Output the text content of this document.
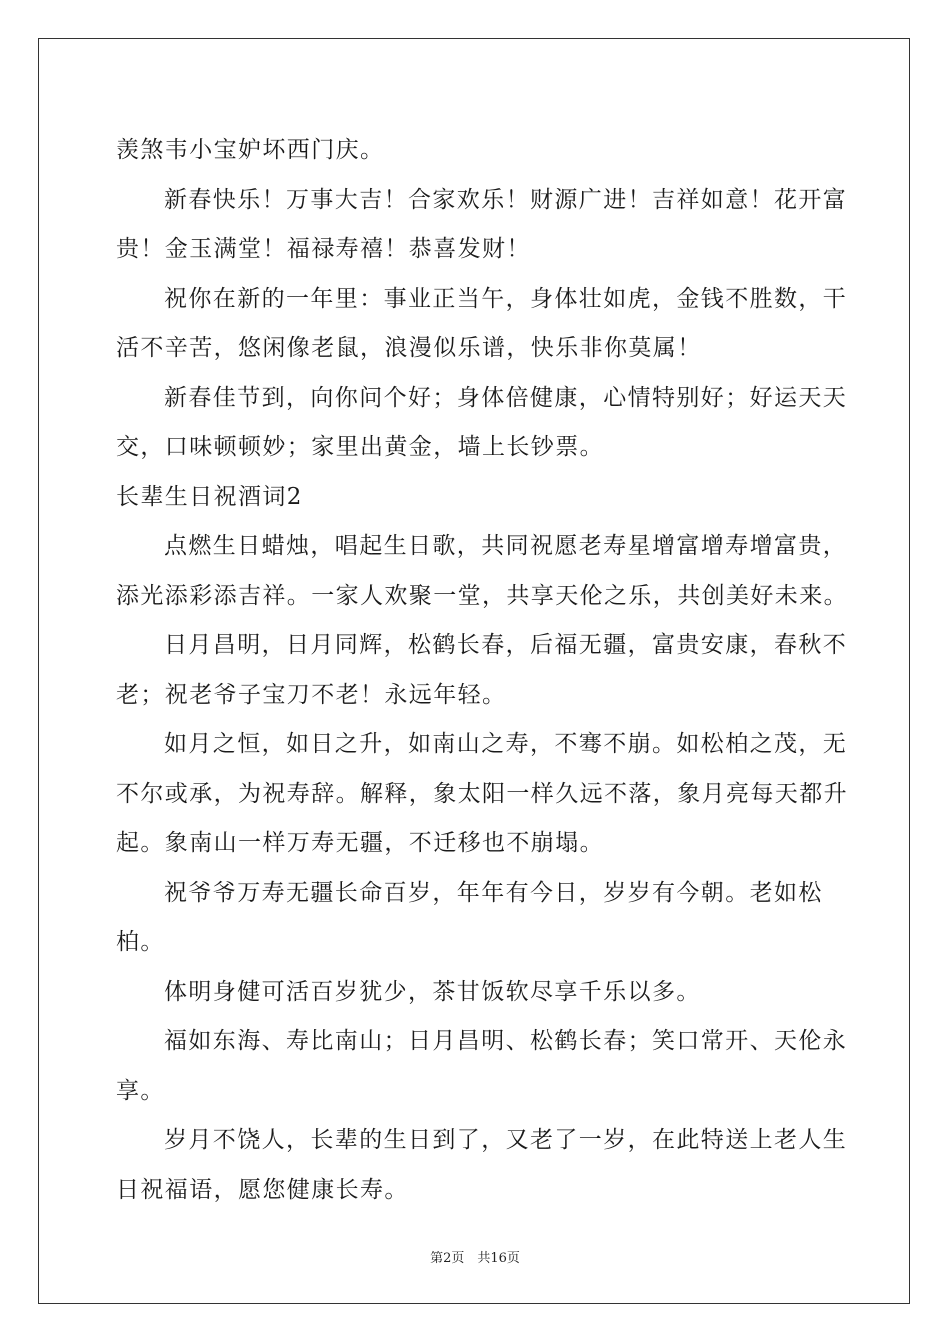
羡煞韦小宝妒坏西门庆。

新春快乐！万事大吉！合家欢乐！财源广进！吉祥如意！花开富贵！金玉满堂！福禄寿禧！恭喜发财！

祝你在新的一年里：事业正当午，身体壮如虎，金钱不胜数，干活不辛苦，悠闲像老鼠，浪漫似乐谱，快乐非你莫属！

新春佳节到，向你问个好；身体倍健康，心情特别好；好运天天交，口味顿顿妙；家里出黄金，墙上长钞票。

长辈生日祝酒词2

点燃生日蜡烛，唱起生日歌，共同祝愿老寿星增富增寿增富贵，添光添彩添吉祥。一家人欢聚一堂，共享天伦之乐，共创美好未来。

日月昌明，日月同辉，松鹤长春，后福无疆，富贵安康，春秋不老；祝老爷子宝刀不老！永远年轻。

如月之恒，如日之升，如南山之寿，不骞不崩。如松柏之茂，无不尔或承，为祝寿辞。解释，象太阳一样久远不落，象月亮每天都升起。象南山一样万寿无疆，不迁移也不崩塌。

祝爷爷万寿无疆长命百岁，年年有今日，岁岁有今朝。老如松柏。

体明身健可活百岁犹少，茶甘饭软尽享千乐以多。

福如东海、寿比南山；日月昌明、松鹤长春；笑口常开、天伦永享。

岁月不饶人，长辈的生日到了，又老了一岁，在此特送上老人生日祝福语，愿您健康长寿。

第2页　共16页
